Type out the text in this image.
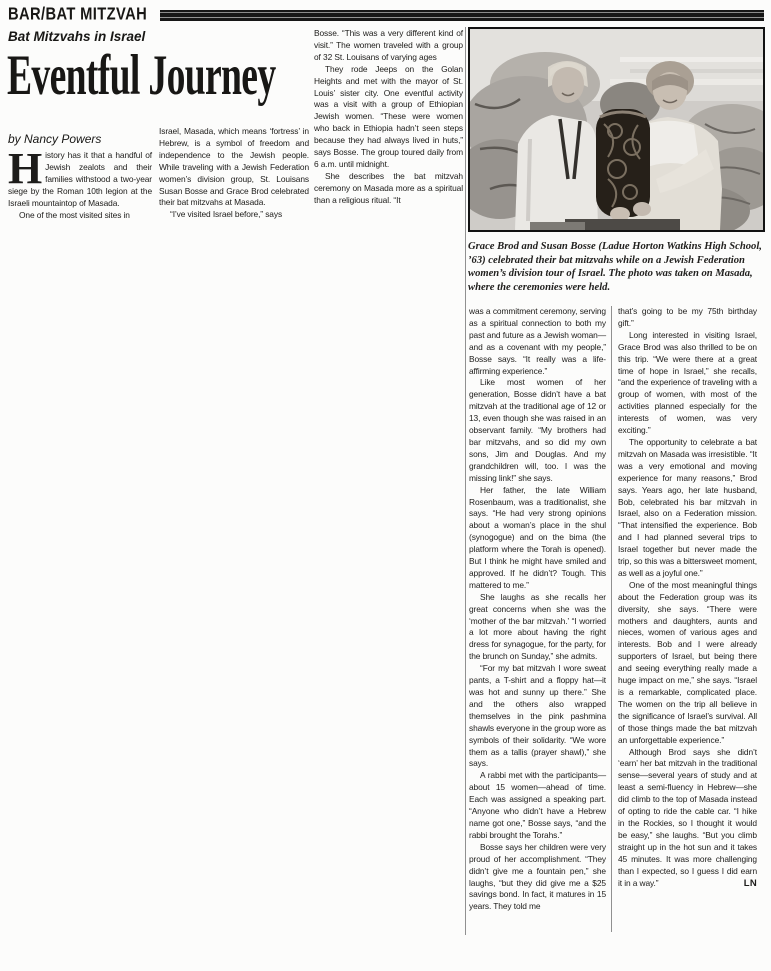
BAR/BAT MITZVAH
Bat Mitzvahs in Israel
Eventful Journey
by Nancy Powers

History has it that a handful of Jewish zealots and their families withstood a two-year siege by the Roman 10th legion at the Israeli mountaintop of Masada.

One of the most visited sites in

Israel, Masada, which means ‘fortress’ in Hebrew, is a symbol of freedom and independence to the Jewish people. While traveling with a Jewish Federation women’s division group, St. Louisans Susan Bosse and Grace Brod celebrated their bat mitzvahs at Masada.

“I’ve visited Israel before,” says

Bosse. “This was a very different kind of visit.” The women traveled with a group of 32 St. Louisans of varying ages

They rode Jeeps on the Golan Heights and met with the mayor of St. Louis’ sister city. One eventful activity was a visit with a group of Ethiopian Jewish women. “These were women who back in Ethiopia hadn’t seen steps because they had always lived in huts,” says Bosse. The group toured daily from 6 a.m. until midnight.

She describes the bat mitzvah ceremony on Masada more as a spiritual than a religious ritual. “It

Grace Brod and Susan Bosse (Ladue Horton Watkins High School, ’63) celebrated their bat mitzvahs while on a Jewish Federation women’s division tour of Israel. The photo was taken on Masada, where the ceremonies were held.

was a commitment ceremony, serving as a spiritual connection to both my past and future as a Jewish woman—and as a covenant with my people,” Bosse says. “It really was a life-affirming experience.”

Like most women of her generation, Bosse didn’t have a bat mitzvah at the traditional age of 12 or 13, even though she was raised in an observant family. “My brothers had bar mitzvahs, and so did my own sons, Jim and Douglas. And my grandchildren will, too. I was the missing link!” she says.

Her father, the late William Rosenbaum, was a traditionalist, she says. “He had very strong opinions about a woman’s place in the shul (synogogue) and on the bima (the platform where the Torah is opened). But I think he might have smiled and approved. If he didn’t? Tough. This mattered to me.”

She laughs as she recalls her great concerns when she was the ‘mother of the bar mitzvah.’ “I worried a lot more about having the right dress for synagogue, for the party, for the brunch on Sunday,” she admits.

“For my bat mitzvah I wore sweat pants, a T-shirt and a floppy hat—it was hot and sunny up there.” She and the others also wrapped themselves in the pink pashmina shawls everyone in the group wore as symbols of their solidarity. “We wore them as a tallis (prayer shawl),” she says.

A rabbi met with the participants—about 15 women—ahead of time. Each was assigned a speaking part. “Anyone who didn’t have a Hebrew name got one,” Bosse says, “and the rabbi brought the Torahs.”

Bosse says her children were very proud of her accomplishment. “They didn’t give me a fountain pen,” she laughs, “but they did give me a $25 savings bond. In fact, it matures in 15 years. They told me

that’s going to be my 75th birthday gift.”

Long interested in visiting Israel, Grace Brod was also thrilled to be on this trip. “We were there at a great time of hope in Israel,” she recalls, “and the experience of traveling with a group of women, with most of the activities planned especially for the interests of women, was very exciting.”

The opportunity to celebrate a bat mitzvah on Masada was irresistible. “It was a very emotional and moving experience for many reasons,” Brod says. Years ago, her late husband, Bob, celebrated his bar mitzvah in Israel, also on a Federation mission. “That intensified the experience. Bob and I had planned several trips to Israel together but never made the trip, so this was a bittersweet moment, as well as a joyful one.”

One of the most meaningful things about the Federation group was its diversity, she says. “There were mothers and daughters, aunts and nieces, women of various ages and interests. Bob and I were already supporters of Israel, but being there and seeing everything really made a huge impact on me,” she says. “Israel is a remarkable, complicated place. The women on the trip all believe in the significance of Israel’s survival. All of those things made the bat mitzvah an unforgettable experience.”

Although Brod says she didn’t ‘earn’ her bat mitzvah in the traditional sense—several years of study and at least a semi-fluency in Hebrew—she did climb to the top of Masada instead of opting to ride the cable car. “I hike in the Rockies, so I thought it would be easy,” she laughs. “But you climb straight up in the hot sun and it takes 45 minutes. It was more challenging than I expected, so I guess I did earn it in a way.”	LN
